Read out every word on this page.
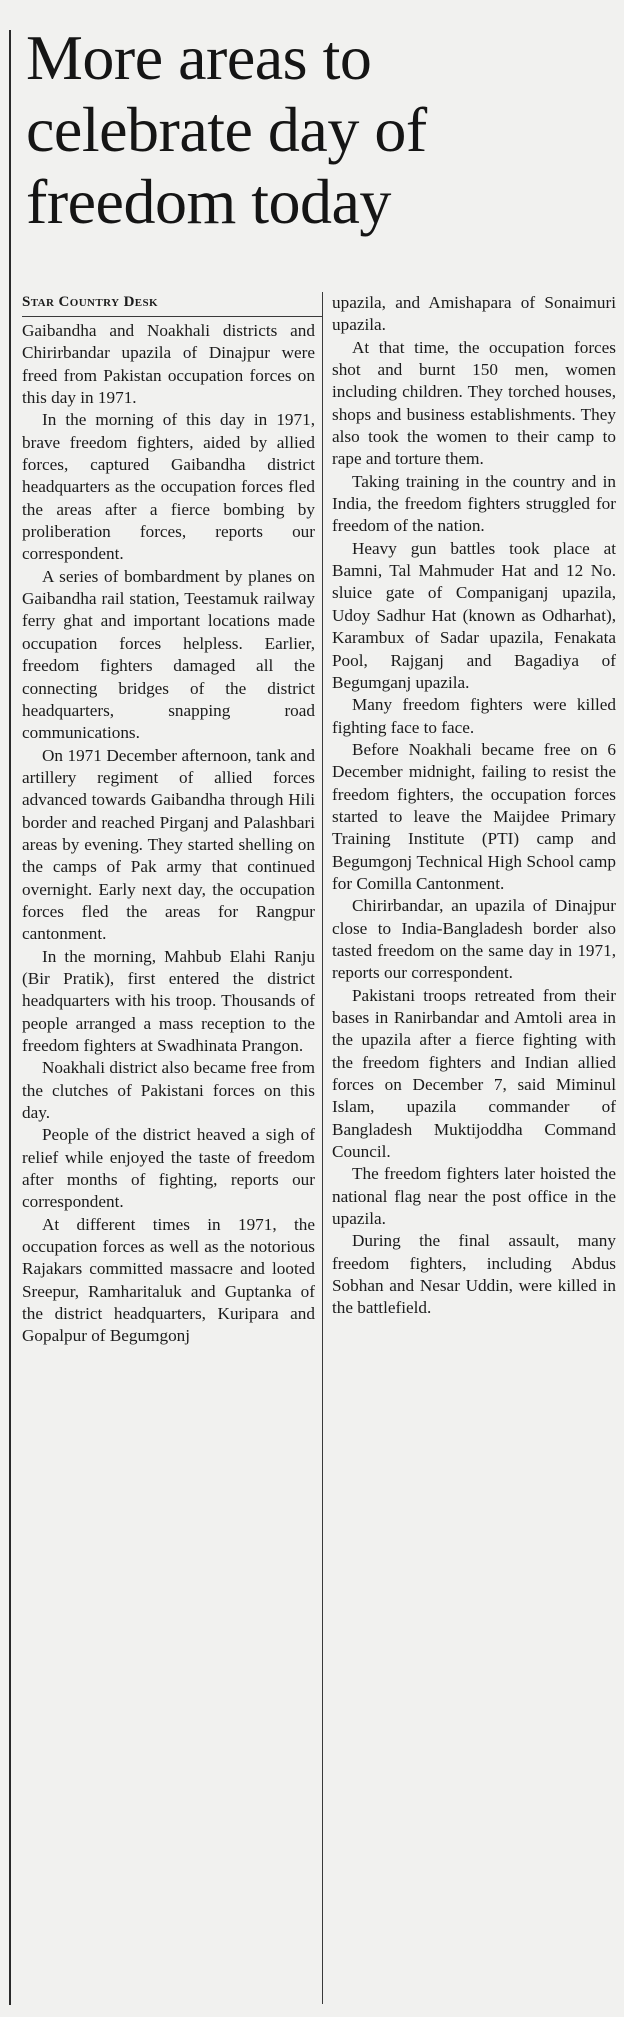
More areas to
celebrate day of
freedom today
Star Country Desk

Gaibandha and Noakhali districts and Chirirbandar upazila of Dinajpur were freed from Pakistan occupation forces on this day in 1971.

In the morning of this day in 1971, brave freedom fighters, aided by allied forces, captured Gaibandha district headquarters as the occupation forces fled the areas after a fierce bombing by proliberation forces, reports our correspondent.

A series of bombardment by planes on Gaibandha rail station, Teestamuk railway ferry ghat and important locations made occupation forces helpless. Earlier, freedom fighters damaged all the connecting bridges of the district headquarters, snapping road communications.

On 1971 December afternoon, tank and artillery regiment of allied forces advanced towards Gaibandha through Hili border and reached Pirganj and Palashbari areas by evening. They started shelling on the camps of Pak army that continued overnight. Early next day, the occupation forces fled the areas for Rangpur cantonment.

In the morning, Mahbub Elahi Ranju (Bir Pratik), first entered the district headquarters with his troop. Thousands of people arranged a mass reception to the freedom fighters at Swadhinata Prangon.

Noakhali district also became free from the clutches of Pakistani forces on this day.

People of the district heaved a sigh of relief while enjoyed the taste of freedom after months of fighting, reports our correspondent.

At different times in 1971, the occupation forces as well as the notorious Rajakars committed massacre and looted Sreepur, Ramharitaluk and Guptanka of the district headquarters, Kuripara and Gopalpur of Begumgonj

upazila, and Amishapara of Sonaimuri upazila.

At that time, the occupation forces shot and burnt 150 men, women including children. They torched houses, shops and business establishments. They also took the women to their camp to rape and torture them.

Taking training in the country and in India, the freedom fighters struggled for freedom of the nation.

Heavy gun battles took place at Bamni, Tal Mahmuder Hat and 12 No. sluice gate of Companiganj upazila, Udoy Sadhur Hat (known as Odharhat), Karambux of Sadar upazila, Fenakata Pool, Rajganj and Bagadiya of Begumganj upazila.

Many freedom fighters were killed fighting face to face.

Before Noakhali became free on 6 December midnight, failing to resist the freedom fighters, the occupation forces started to leave the Maijdee Primary Training Institute (PTI) camp and Begumgonj Technical High School camp for Comilla Cantonment.

Chirirbandar, an upazila of Dinajpur close to India-Bangladesh border also tasted freedom on the same day in 1971, reports our correspondent.

Pakistani troops retreated from their bases in Ranirbandar and Amtoli area in the upazila after a fierce fighting with the freedom fighters and Indian allied forces on December 7, said Miminul Islam, upazila commander of Bangladesh Muktijoddha Command Council.

The freedom fighters later hoisted the national flag near the post office in the upazila.

During the final assault, many freedom fighters, including Abdus Sobhan and Nesar Uddin, were killed in the battlefield.
